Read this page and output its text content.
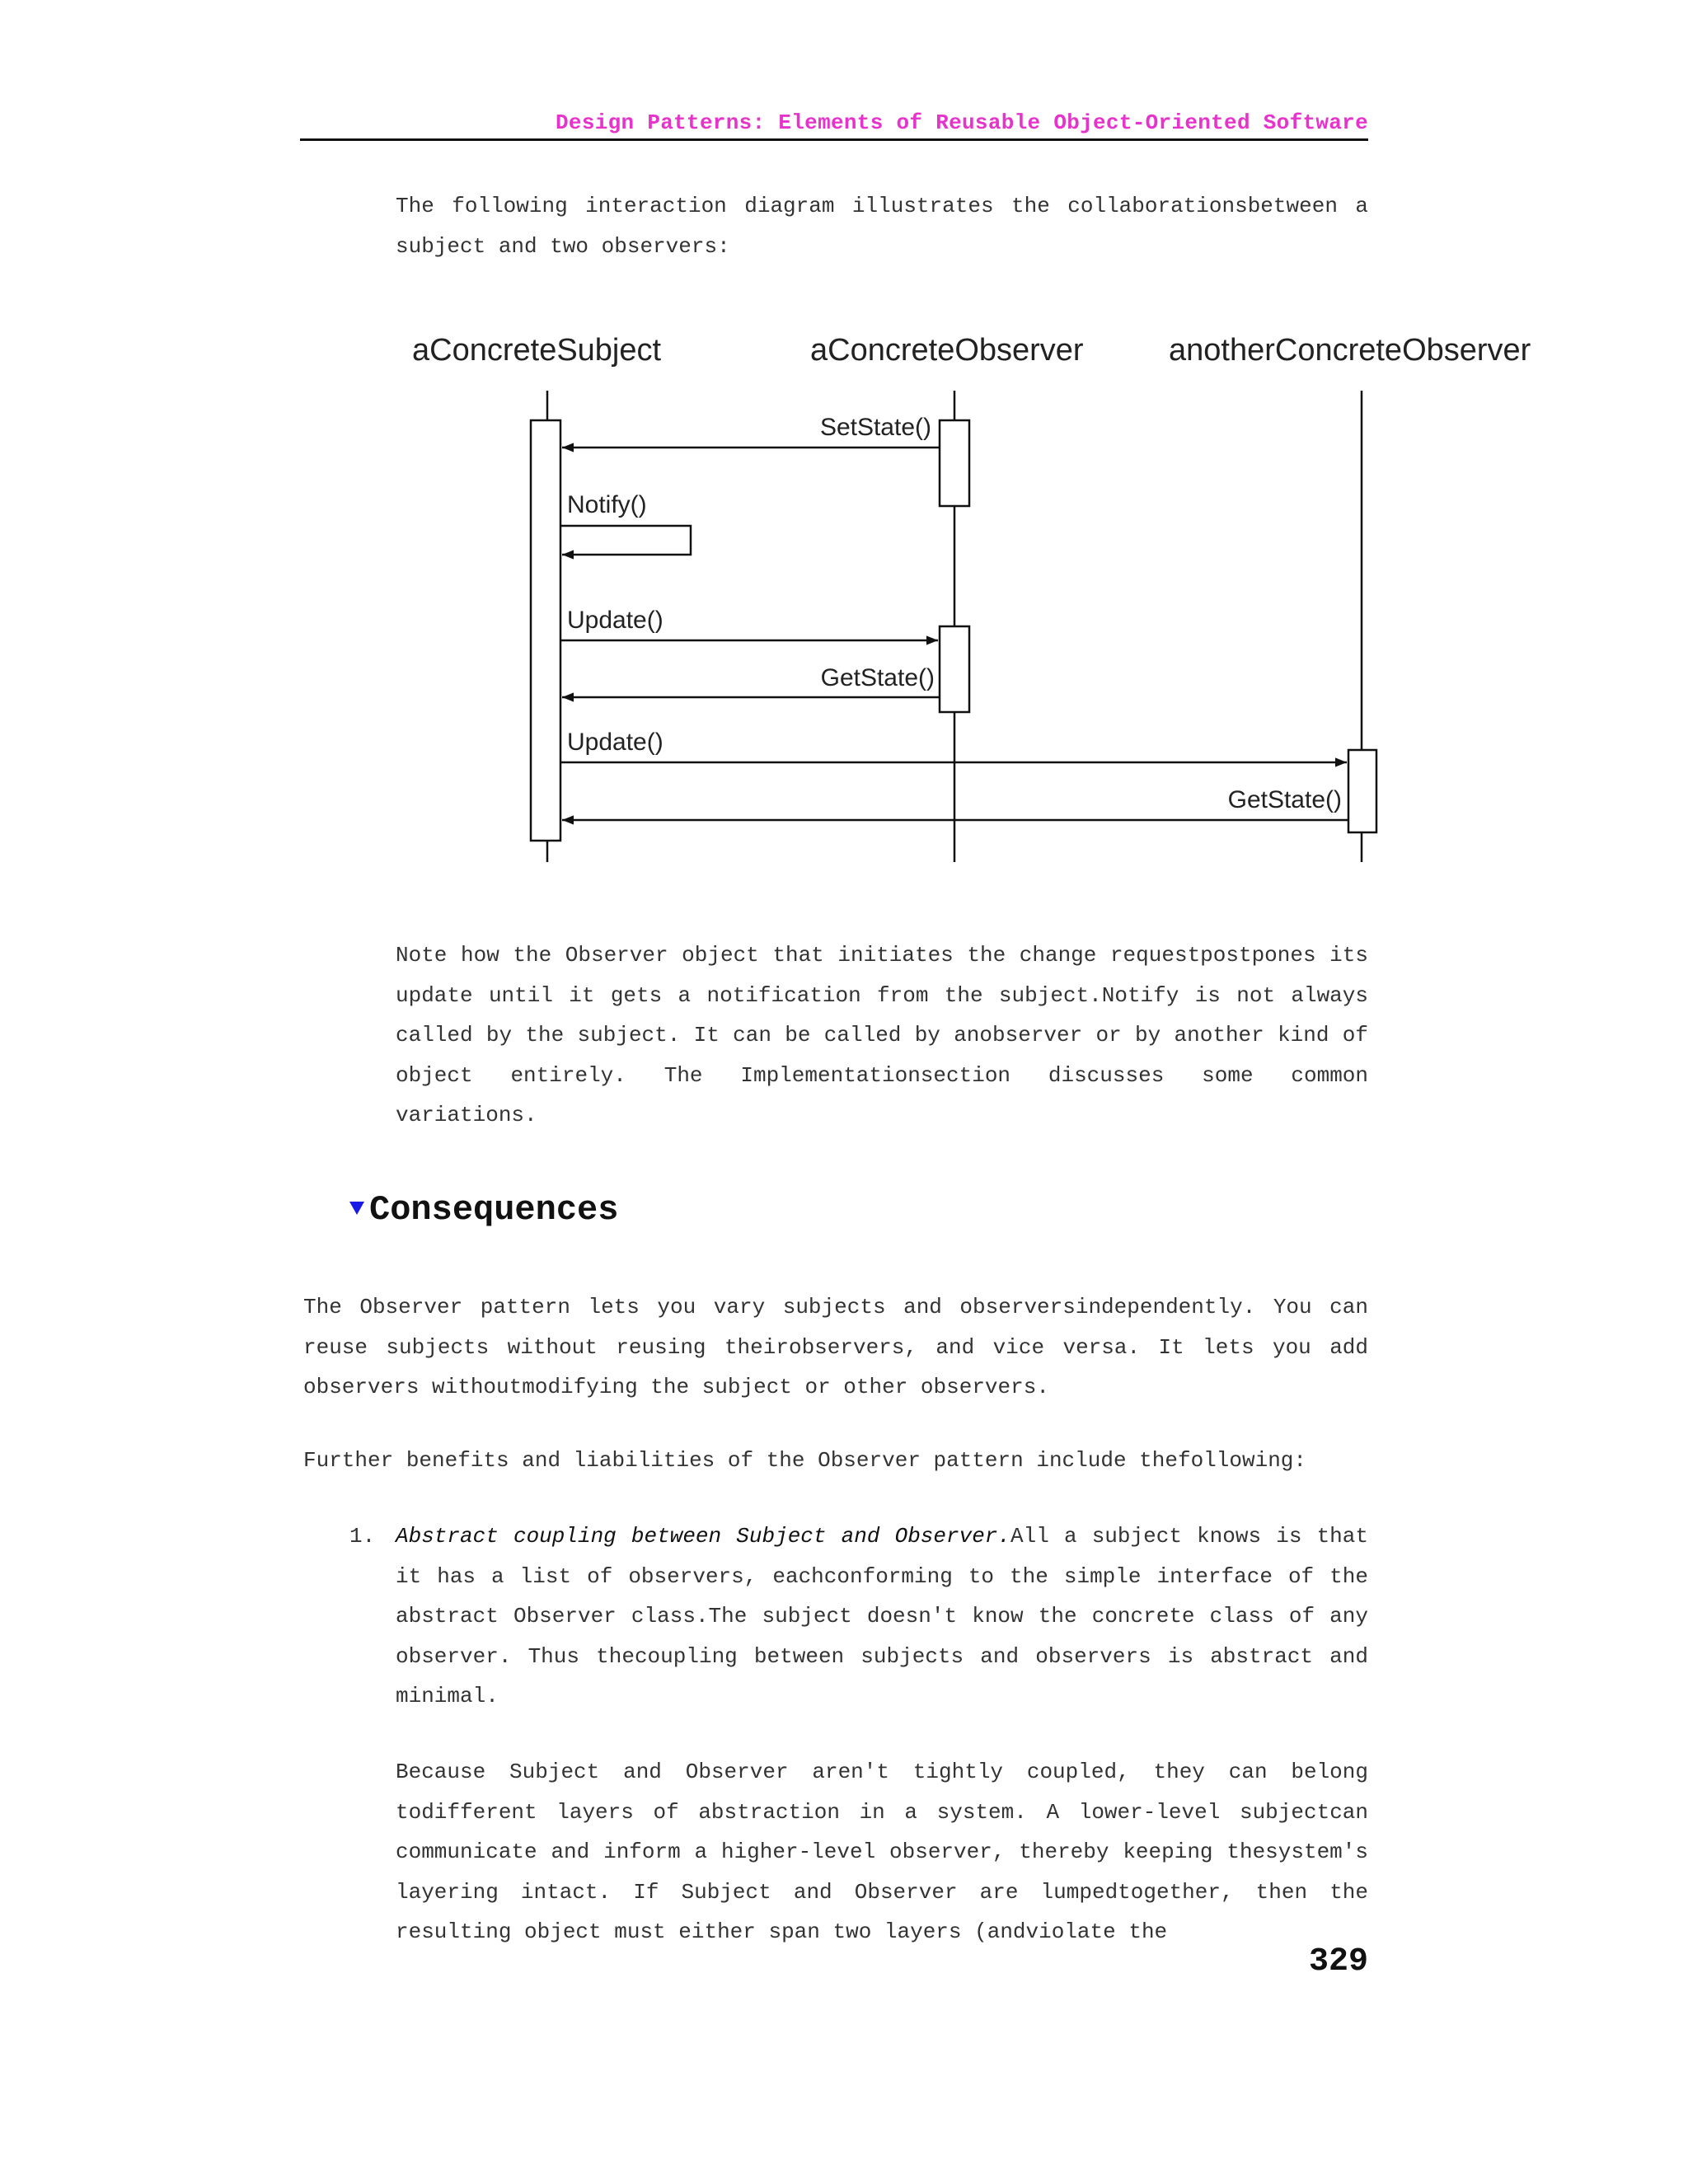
Design Patterns: Elements of Reusable Object-Oriented Software

The following interaction diagram illustrates the collaborationsbetween a subject and two observers:

aConcreteSubject	aConcreteObserver	anotherConcreteObserver
SetState()
Notify()
Update()
GetState()
Update()
GetState()

Note how the Observer object that initiates the change requestpostpones its update until it gets a notification from the subject.Notify is not always called by the subject. It can be called by anobserver or by another kind of object entirely. The Implementationsection discusses some common variations.

Consequences

The Observer pattern lets you vary subjects and observersindependently. You can reuse subjects without reusing theirobservers, and vice versa. It lets you add observers withoutmodifying the subject or other observers.

Further benefits and liabilities of the Observer pattern include thefollowing:

1. Abstract coupling between Subject and Observer.All a subject knows is that it has a list of observers, eachconforming to the simple interface of the abstract Observer class.The subject doesn't know the concrete class of any observer. Thus thecoupling between subjects and observers is abstract and minimal.

Because Subject and Observer aren't tightly coupled, they can belong todifferent layers of abstraction in a system. A lower-level subjectcan communicate and inform a higher-level observer, thereby keeping thesystem's layering intact. If Subject and Observer are lumpedtogether, then the resulting object must either span two layers (andviolate the

329
